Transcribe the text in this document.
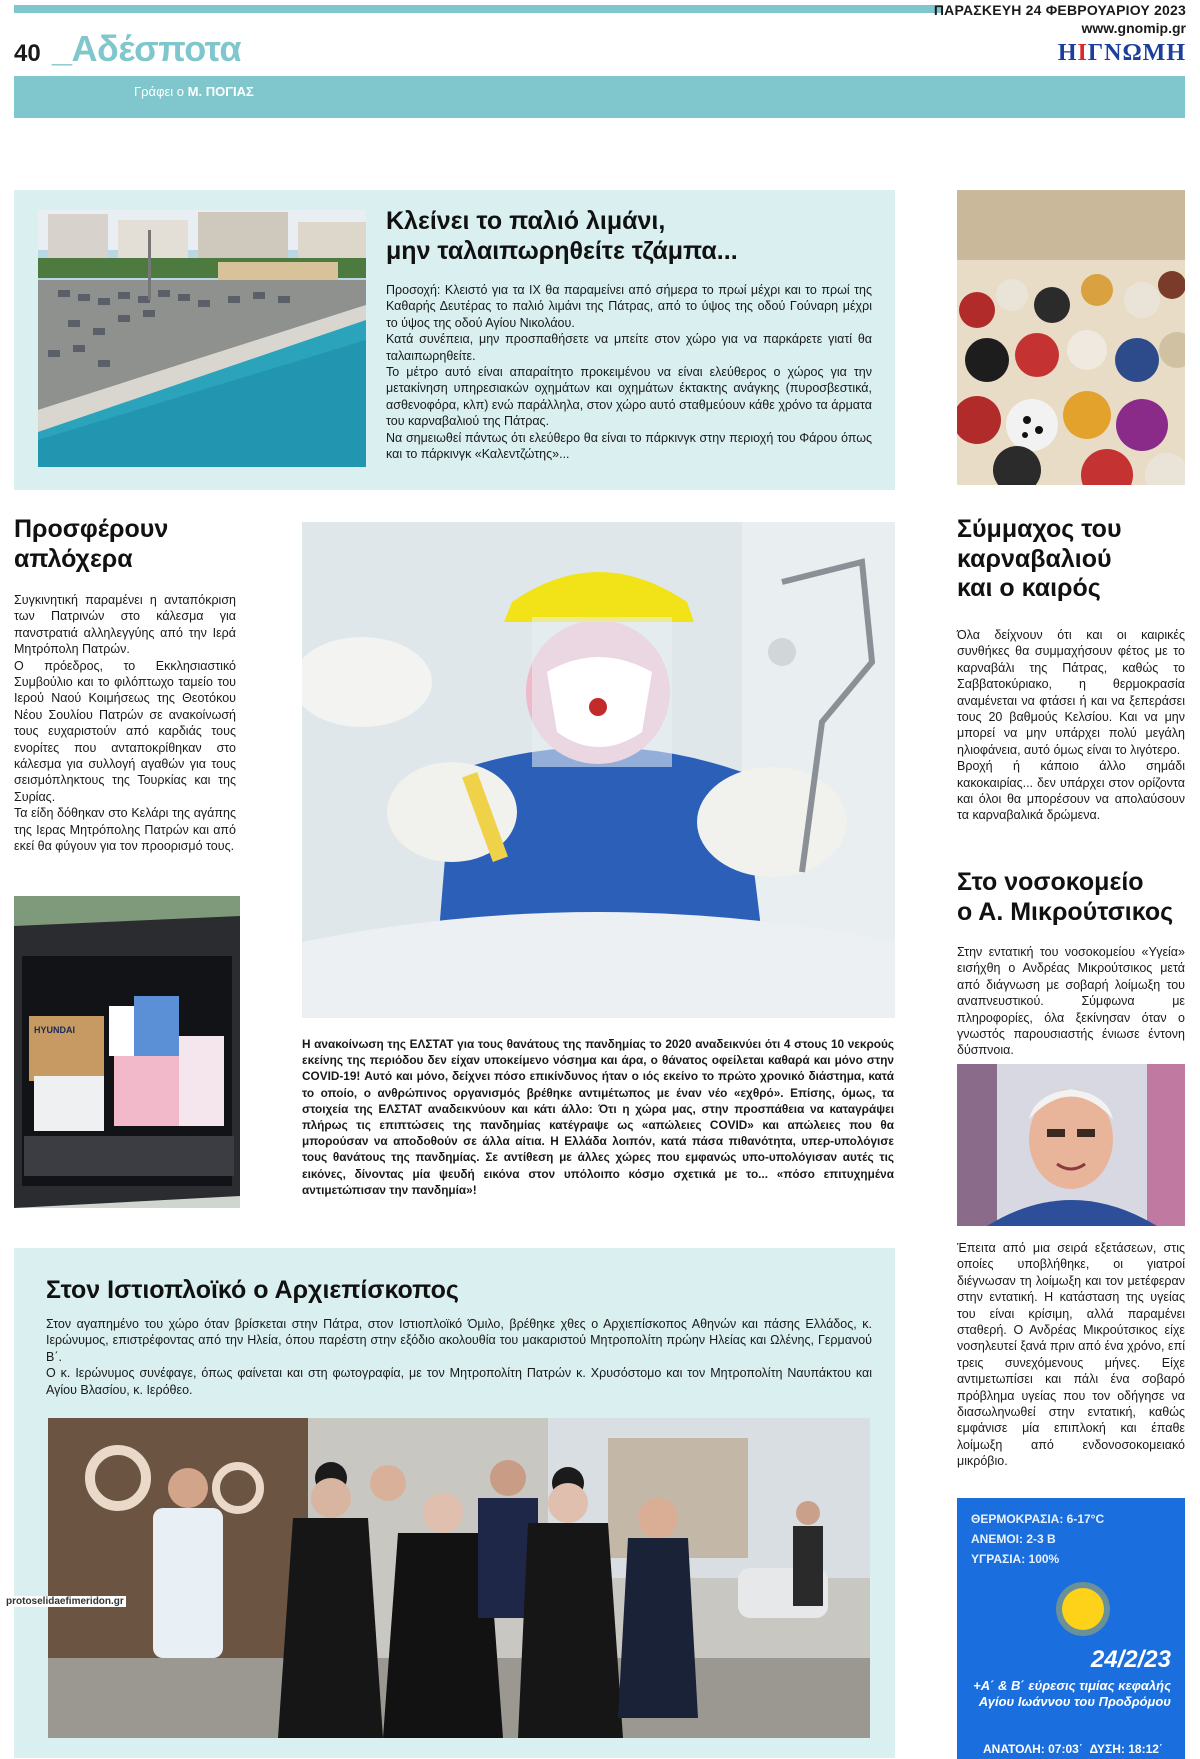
40 _Αδέσποτα
ΠΑΡΑΣΚΕΥΗ 24 ΦΕΒΡΟΥΑΡΙΟΥ 2023
www.gnomip.gr
ΗIΓΝΩΜΗ
Γράφει ο Μ. ΠΟΓΙΑΣ
Κλείνει το παλιό λιμάνι,
μην ταλαιπωρηθείτε τζάμπα...

Προσοχή: Κλειστό για τα ΙΧ θα παραμείνει από σήμερα το πρωί μέχρι και το πρωί της Καθαρής Δευτέρας το παλιό λιμάνι της Πάτρας, από το ύψος της οδού Γούναρη μέχρι το ύψος της οδού Αγίου Νικολάου.

Κατά συνέπεια, μην προσπαθήσετε να μπείτε στον χώρο για να παρκάρετε γιατί θα ταλαιπωρηθείτε.

Το μέτρο αυτό είναι απαραίτητο προκειμένου να είναι ελεύθερος ο χώρος για την μετακίνηση υπηρεσιακών οχημάτων και οχημάτων έκτακτης ανάγκης (πυροσβεστικά, ασθενοφόρα, κλπ) ενώ παράλληλα, στον χώρο αυτό σταθμεύουν κάθε χρόνο τα άρματα του καρναβαλιού της Πάτρας.

Να σημειωθεί πάντως ότι ελεύθερο θα είναι το πάρκινγκ στην περιοχή του Φάρου όπως και το πάρκινγκ «Καλεντζώτης»...

Προσφέρουν
απλόχερα

Συγκινητική παραμένει η ανταπόκριση των Πατρινών στο κάλεσμα για πανστρατιά αλληλεγγύης από την Ιερά Μητρόπολη Πατρών.

Ο πρόεδρος, το Εκκλησιαστικό Συμβούλιο και το φιλόπτωχο ταμείο του Ιερού Ναού Κοιμήσεως της Θεοτόκου Νέου Σουλίου Πατρών σε ανακοίνωσή τους ευχαριστούν από καρδιάς τους ενορίτες που ανταποκρίθηκαν στο κάλεσμα για συλλογή αγαθών για τους σεισμόπληκτους της Τουρκίας και της Συρίας.

Τα είδη δόθηκαν στο Κελάρι της αγάπης της Ιερας Μητρόπολης Πατρών και από εκεί θα φύγουν για τον προορισμό τους.

HYUNDAI

Η ανακοίνωση της ΕΛΣΤΑΤ για τους θανάτους της πανδημίας το 2020 αναδεικνύει ότι 4 στους 10 νεκρούς εκείνης της περιόδου δεν είχαν υποκείμενο νόσημα και άρα, ο θάνατος οφείλεται καθαρά και μόνο στην COVID-19! Αυτό και μόνο, δείχνει πόσο επικίνδυνος ήταν ο ιός εκείνο το πρώτο χρονικό διάστημα, κατά το οποίο, ο ανθρώπινος οργανισμός βρέθηκε αντιμέτωπος με έναν νέο «εχθρό». Επίσης, όμως, τα στοιχεία της ΕΛΣΤΑΤ αναδεικνύουν και κάτι άλλο: Ότι η χώρα μας, στην προσπάθεια να καταγράψει πλήρως τις επιπτώσεις της πανδημίας κατέγραψε ως «απώλειες COVID» και απώλειες που θα μπορούσαν να αποδοθούν σε άλλα αίτια. Η Ελλάδα λοιπόν, κατά πάσα πιθανότητα, υπερ-υπολόγισε τους θανάτους της πανδημίας. Σε αντίθεση με άλλες χώρες που εμφανώς υπο-υπολόγισαν αυτές τις εικόνες, δίνοντας μία ψευδή εικόνα στον υπόλοιπο κόσμο σχετικά με το... «πόσο επιτυχημένα αντιμετώπισαν την πανδημία»!

Σύμμαχος του
καρναβαλιού
και ο καιρός

Όλα δείχνουν ότι και οι καιρικές συνθήκες θα συμμαχήσουν φέτος με το καρναβάλι της Πάτρας, καθώς το Σαββατοκύριακο, η θερμοκρασία αναμένεται να φτάσει ή και να ξεπεράσει τους 20 βαθμούς Κελσίου. Και να μην μπορεί να μην υπάρχει πολύ μεγάλη ηλιοφάνεια, αυτό όμως είναι το λιγότερο.

Βροχή ή κάποιο άλλο σημάδι κακοκαιρίας... δεν υπάρχει στον ορίζοντα και όλοι θα μπορέσουν να απολαύσουν τα καρναβαλικά δρώμενα.

Στο νοσοκομείο
ο Α. Μικρούτσικος

Στην εντατική του νοσοκομείου «Υγεία» εισήχθη ο Ανδρέας Μικρούτσικος μετά από διάγνωση με σοβαρή λοίμωξη του αναπνευστικού. Σύμφωνα με πληροφορίες, όλα ξεκίνησαν όταν ο γνωστός παρουσιαστής ένιωσε έντονη δύσπνοια.

Έπειτα από μια σειρά εξετάσεων, στις οποίες υποβλήθηκε, οι γιατροί διέγνωσαν τη λοίμωξη και τον μετέφεραν στην εντατική. Η κατάσταση της υγείας του είναι κρίσιμη, αλλά παραμένει σταθερή. Ο Ανδρέας Μικρούτσικος είχε νοσηλευτεί ξανά πριν από ένα χρόνο, επί τρεις συνεχόμενους μήνες. Είχε αντιμετωπίσει και πάλι ένα σοβαρό πρόβλημα υγείας που τον οδήγησε να διασωληνωθεί στην εντατική, καθώς εμφάνισε μία επιπλοκή και έπαθε λοίμωξη από ενδονοσοκομειακό μικρόβιο.

Στον Ιστιοπλοϊκό ο Αρχιεπίσκοπος

Στον αγαπημένο του χώρο όταν βρίσκεται στην Πάτρα, στον Ιστιοπλοϊκό Όμιλο, βρέθηκε χθες ο Αρχιεπίσκοπος Αθηνών και πάσης Ελλάδος, κ. Ιερώνυμος, επιστρέφοντας από την Ηλεία, όπου παρέστη στην εξόδιο ακολουθία του μακαριστού Μητροπολίτη πρώην Ηλείας και Ωλένης, Γερμανού Β΄.

Ο κ. Ιερώνυμος συνέφαγε, όπως φαίνεται και στη φωτογραφία, με τον Μητροπολίτη Πατρών κ. Χρυσόστομο και τον Μητροπολίτη Ναυπάκτου και Αγίου Βλασίου, κ. Ιερόθεο.

ΘΕΡΜΟΚΡΑΣΙΑ: 6-17°C
ΑΝΕΜΟΙ: 2-3 Β
ΥΓΡΑΣΙΑ: 100%
24/2/23
+Α΄ & Β΄ εύρεσις τιμίας κεφαλής Αγίου Ιωάννου του Προδρόμου
ΑΝΑΤΟΛΗ: 07:03΄ ΔΥΣΗ: 18:12΄
protoselidaefimeridon.gr
